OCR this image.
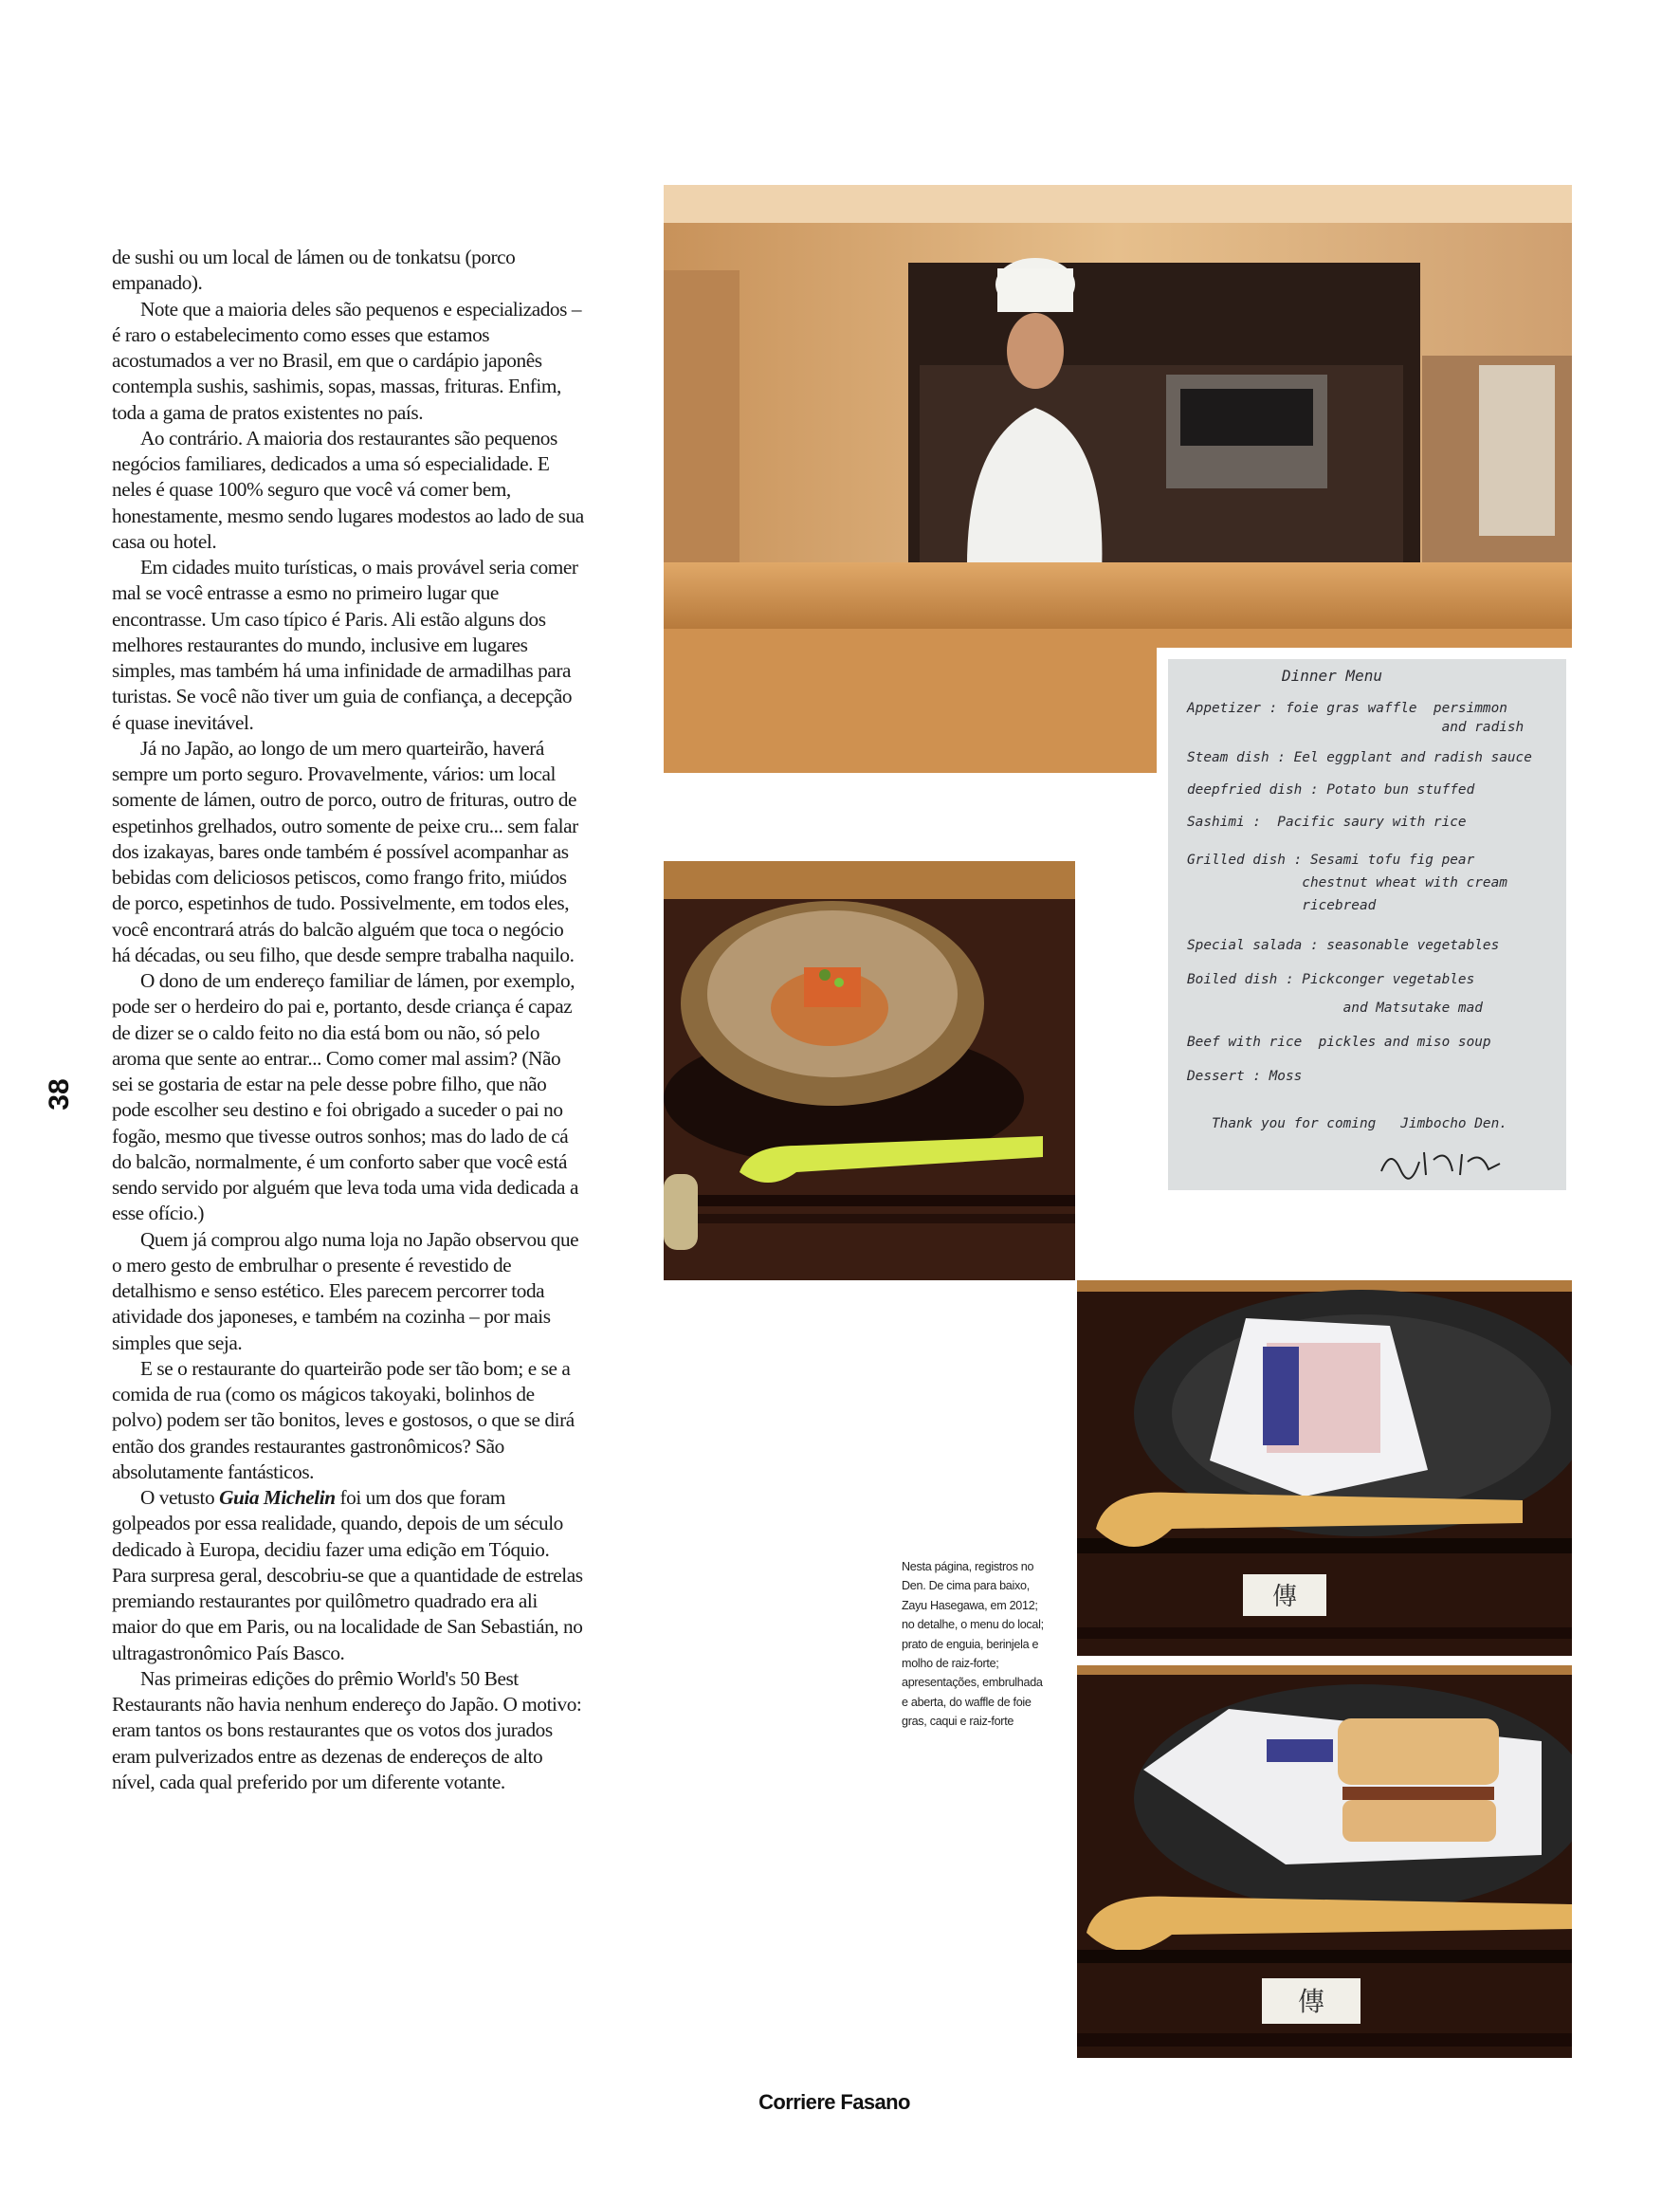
de sushi ou um local de lámen ou de tonkatsu (porco empanado).

Note que a maioria deles são pequenos e especializados – é raro o estabelecimento como esses que estamos acostumados a ver no Brasil, em que o cardápio japonês contempla sushis, sashimis, sopas, massas, frituras. Enfim, toda a gama de pratos existentes no país.

Ao contrário. A maioria dos restaurantes são pequenos negócios familiares, dedicados a uma só especialidade. E neles é quase 100% seguro que você vá comer bem, honestamente, mesmo sendo lugares modestos ao lado de sua casa ou hotel.

Em cidades muito turísticas, o mais provável seria comer mal se você entrasse a esmo no primeiro lugar que encontrasse. Um caso típico é Paris. Ali estão alguns dos melhores restaurantes do mundo, inclusive em lugares simples, mas também há uma infinidade de armadilhas para turistas. Se você não tiver um guia de confiança, a decepção é quase inevitável.

Já no Japão, ao longo de um mero quarteirão, haverá sempre um porto seguro. Provavelmente, vários: um local somente de lámen, outro de porco, outro de frituras, outro de espetinhos grelhados, outro somente de peixe cru... sem falar dos izakayas, bares onde também é possível acompanhar as bebidas com deliciosos petiscos, como frango frito, miúdos de porco, espetinhos de tudo. Possivelmente, em todos eles, você encontrará atrás do balcão alguém que toca o negócio há décadas, ou seu filho, que desde sempre trabalha naquilo.

O dono de um endereço familiar de lámen, por exemplo, pode ser o herdeiro do pai e, portanto, desde criança é capaz de dizer se o caldo feito no dia está bom ou não, só pelo aroma que sente ao entrar... Como comer mal assim? (Não sei se gostaria de estar na pele desse pobre filho, que não pode escolher seu destino e foi obrigado a suceder o pai no fogão, mesmo que tivesse outros sonhos; mas do lado de cá do balcão, normalmente, é um conforto saber que você está sendo servido por alguém que leva toda uma vida dedicada a esse ofício.)

Quem já comprou algo numa loja no Japão observou que o mero gesto de embrulhar o presente é revestido de detalhismo e senso estético. Eles parecem percorrer toda atividade dos japoneses, e também na cozinha – por mais simples que seja.

E se o restaurante do quarteirão pode ser tão bom; e se a comida de rua (como os mágicos takoyaki, bolinhos de polvo) podem ser tão bonitos, leves e gostosos, o que se dirá então dos grandes restaurantes gastronômicos? São absolutamente fantásticos.

O vetusto Guia Michelin foi um dos que foram golpeados por essa realidade, quando, depois de um século dedicado à Europa, decidiu fazer uma edição em Tóquio. Para surpresa geral, descobriu-se que a quantidade de estrelas premiando restaurantes por quilômetro quadrado era ali maior do que em Paris, ou na localidade de San Sebastián, no ultragastronômico País Basco.

Nas primeiras edições do prêmio World's 50 Best Restaurants não havia nenhum endereço do Japão. O motivo: eram tantos os bons restaurantes que os votos dos jurados eram pulverizados entre as dezenas de endereços de alto nível, cada qual preferido por um diferente votante.

38
Dinner Menu

Appetizer : foie gras waffle  persimmon

and radish

Steam dish : Eel eggplant and radish sauce

deepfried dish : Potato bun stuffed

Sashimi :  Pacific saury with rice

Grilled dish : Sesami tofu fig pear

chestnut wheat with cream

ricebread

Special salada : seasonable vegetables

Boiled dish : Pickconger vegetables

and Matsutake mad

Beef with rice  pickles and miso soup

Dessert : Moss

Thank you for coming   Jimbocho Den.

傳
傳
Nesta página, registros no Den. De cima para baixo, Zayu Hasegawa, em 2012; no detalhe, o menu do local; prato de enguia, berinjela e molho de raiz-forte; apresentações, embrulhada e aberta, do waffle de foie gras, caqui e raiz-forte
Corriere Fasano
